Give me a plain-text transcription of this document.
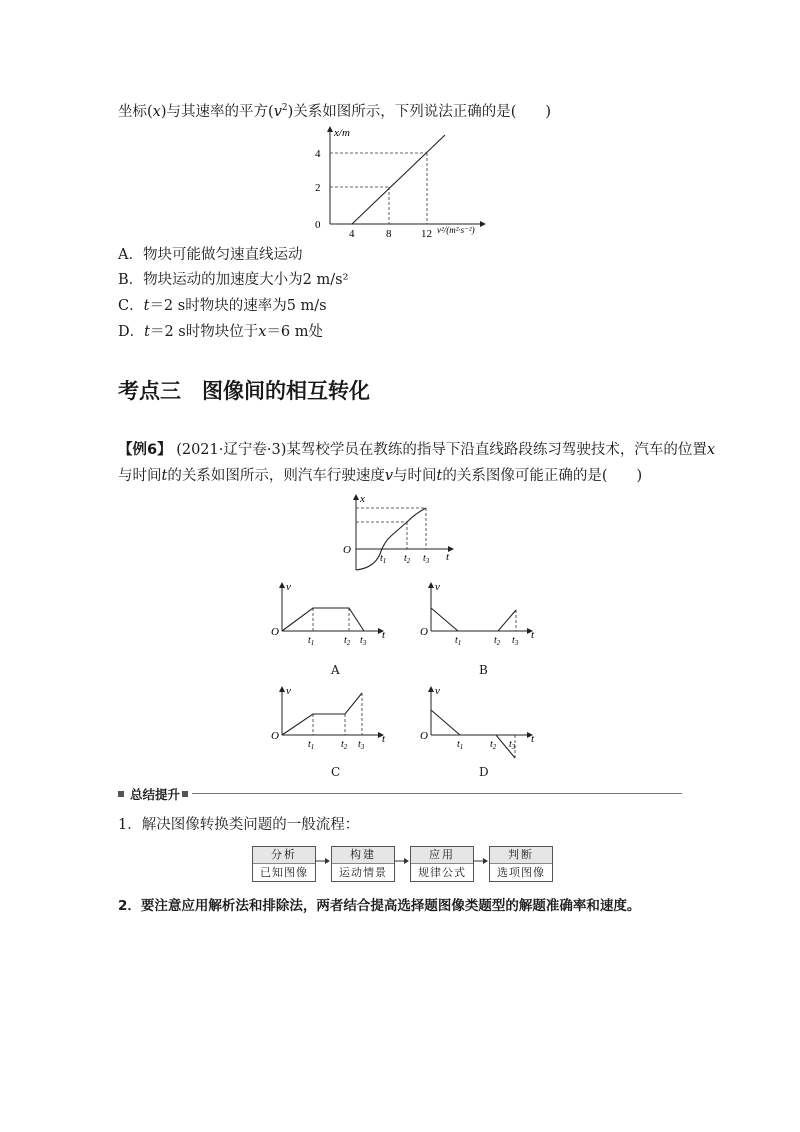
坐标(x)与其速率的平方$(v^2)$关系如图所示，下列说法正确的是(　　)
x/m
0
4
2
4	8	12 v²/(m²·s⁻²)
A．物块可能做匀速直线运动
B．物块运动的加速度大小为2 m/s²
C．t＝2 s时物块的速率为5 m/s
D．t＝2 s时物块位于x＝6 m处
考点三　图像间的相互转化
【例6】 (2021·辽宁卷·3)某驾校学员在教练的指导下沿直线路段练习驾驶技术，汽车的位置x
与时间t的关系如图所示，则汽车行驶速度v与时间t的关系图像可能正确的是(　　)
x
O
$t_1$ $t_2$ $t_3$ t
v
O
$t_1$	$t_2$ $t_3$
t
A
v
O
$t_1$	$t_2$ $t_3$
t
B
v
O
$t_1$	$t_2$ $t_3$
t
C
v
O
$t_1$	$t_2$ $t_3$
t
D
总结提升
1．解决图像转换类问题的一般流程：
分析
已知图像
构建
运动情景
应用
规律公式
判断
选项图像
2．要注意应用解析法和排除法，两者结合提高选择题图像类题型的解题准确率和速度。
